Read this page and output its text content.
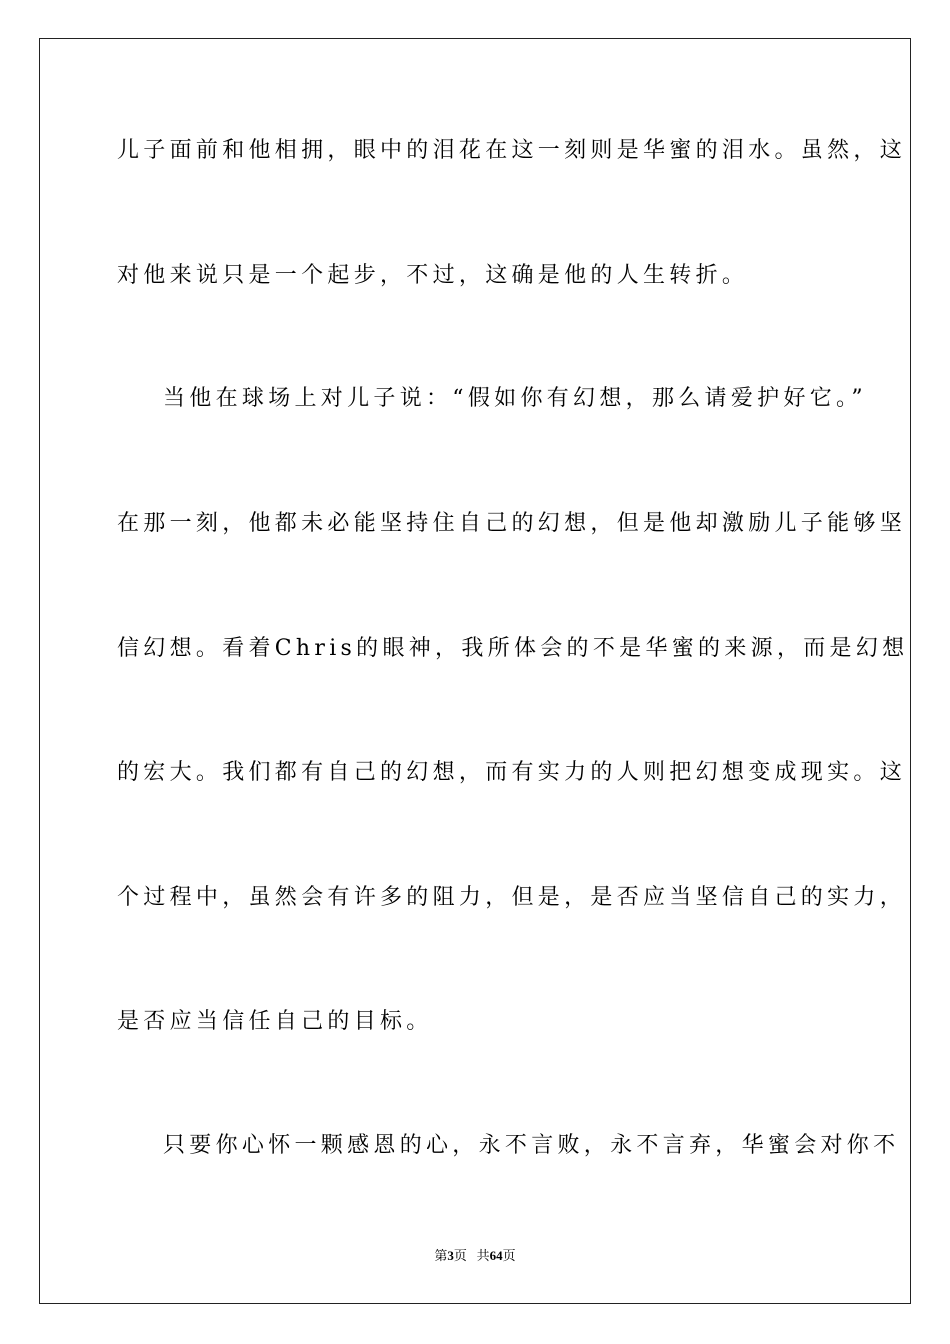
儿子面前和他相拥，眼中的泪花在这一刻则是华蜜的泪水。虽然，这
对他来说只是一个起步，不过，这确是他的人生转折。
当他在球场上对儿子说：“假如你有幻想，那么请爱护好它。”
在那一刻，他都未必能坚持住自己的幻想，但是他却激励儿子能够坚
信幻想。看着Chris的眼神，我所体会的不是华蜜的来源，而是幻想
的宏大。我们都有自己的幻想，而有实力的人则把幻想变成现实。这
个过程中，虽然会有许多的阻力，但是，是否应当坚信自己的实力，
是否应当信任自己的目标。
只要你心怀一颗感恩的心，永不言败，永不言弃，华蜜会对你不
第3页 共64页
